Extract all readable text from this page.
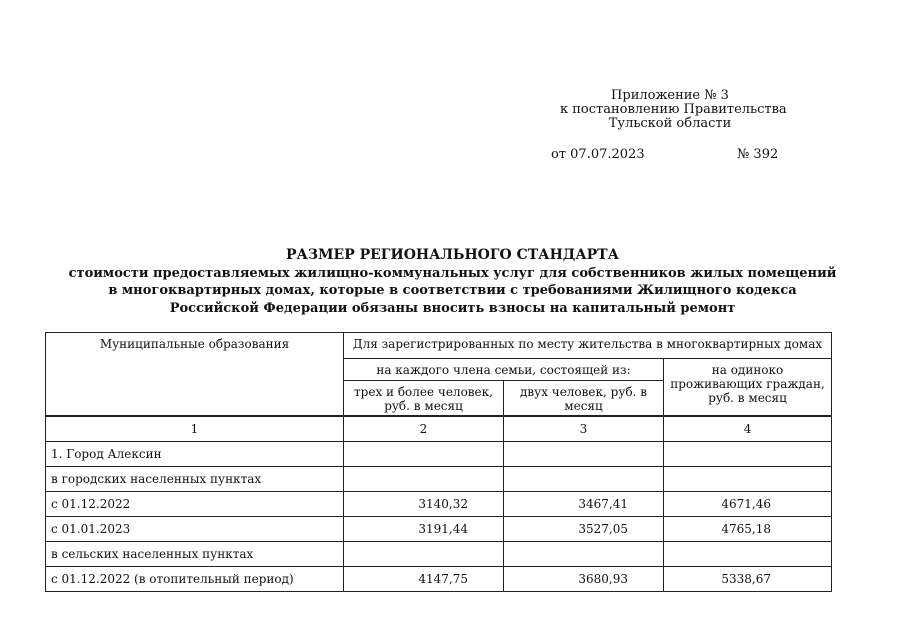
Приложение № 3
к постановлению Правительства
Тульской области
от 07.07.2023	№ 392
РАЗМЕР РЕГИОНАЛЬНОГО СТАНДАРТА
стоимости предоставляемых жилищно-коммунальных услуг для собственников жилых помещений
в многоквартирных домах, которые в соответствии с требованиями Жилищного кодекса
Российской Федерации обязаны вносить взносы на капитальный ремонт
Муниципальные образования	Для зарегистрированных по месту жительства в многоквартирных домах		
	на каждого члена семьи, состоящей из:		на одиноко проживающих граждан, руб. в месяц
	трех и более человек, руб. в месяц	двух человек, руб. в месяц	
1	2	3	4
1. Город Алексин			
в городских населенных пунктах			
с 01.12.2022	3140,32	3467,41	4671,46
с 01.01.2023	3191,44	3527,05	4765,18
в сельских населенных пунктах			
с 01.12.2022 (в отопительный период)	4147,75	3680,93	5338,67
